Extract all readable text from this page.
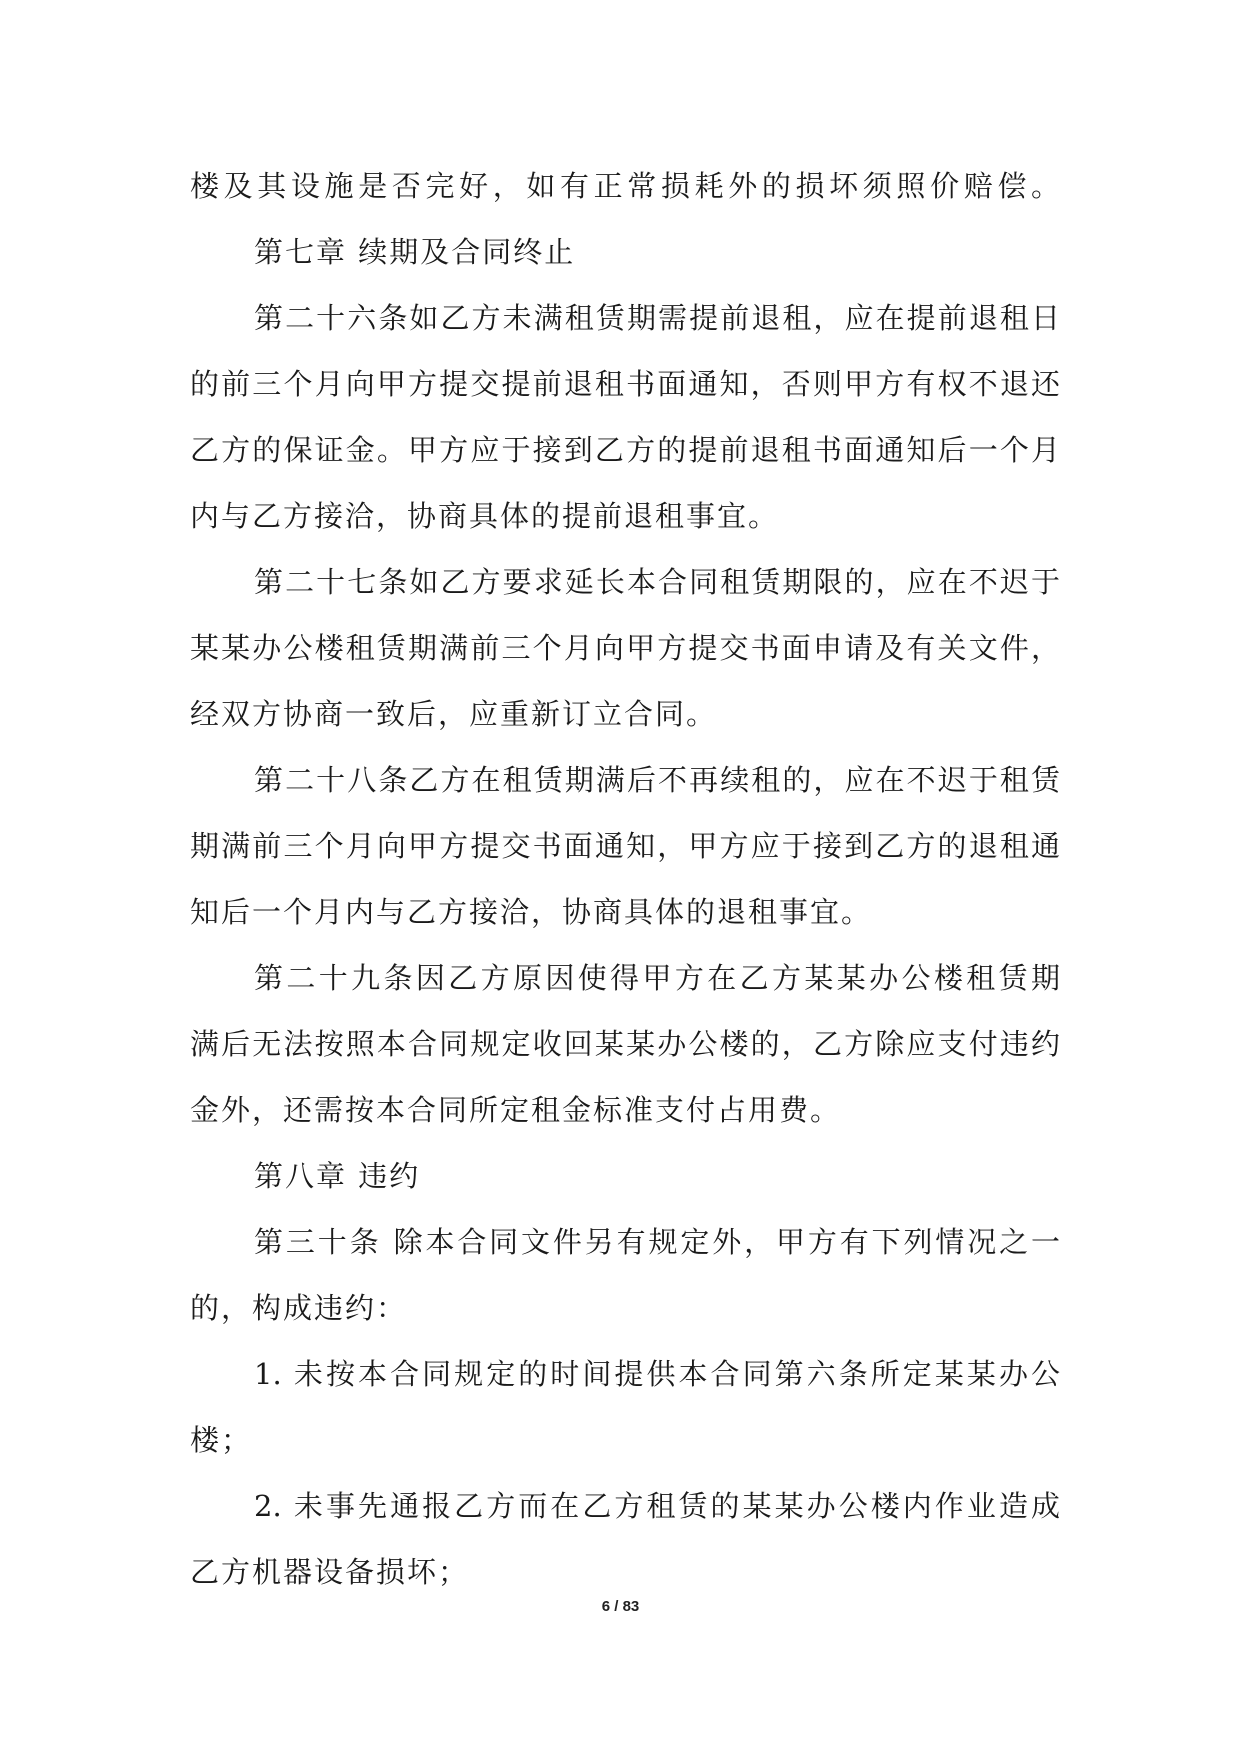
楼及其设施是否完好，如有正常损耗外的损坏须照价赔偿。
第七章 续期及合同终止
第二十六条如乙方未满租赁期需提前退租，应在提前退租日
的前三个月向甲方提交提前退租书面通知，否则甲方有权不退还
乙方的保证金。甲方应于接到乙方的提前退租书面通知后一个月
内与乙方接洽，协商具体的提前退租事宜。
第二十七条如乙方要求延长本合同租赁期限的，应在不迟于
某某办公楼租赁期满前三个月向甲方提交书面申请及有关文件，
经双方协商一致后，应重新订立合同。
第二十八条乙方在租赁期满后不再续租的，应在不迟于租赁
期满前三个月向甲方提交书面通知，甲方应于接到乙方的退租通
知后一个月内与乙方接洽，协商具体的退租事宜。
第二十九条因乙方原因使得甲方在乙方某某办公楼租赁期
满后无法按照本合同规定收回某某办公楼的，乙方除应支付违约
金外，还需按本合同所定租金标准支付占用费。
第八章 违约
第三十条 除本合同文件另有规定外，甲方有下列情况之一
的，构成违约：
1. 未按本合同规定的时间提供本合同第六条所定某某办公
楼；
2. 未事先通报乙方而在乙方租赁的某某办公楼内作业造成
乙方机器设备损坏；
6 / 83
